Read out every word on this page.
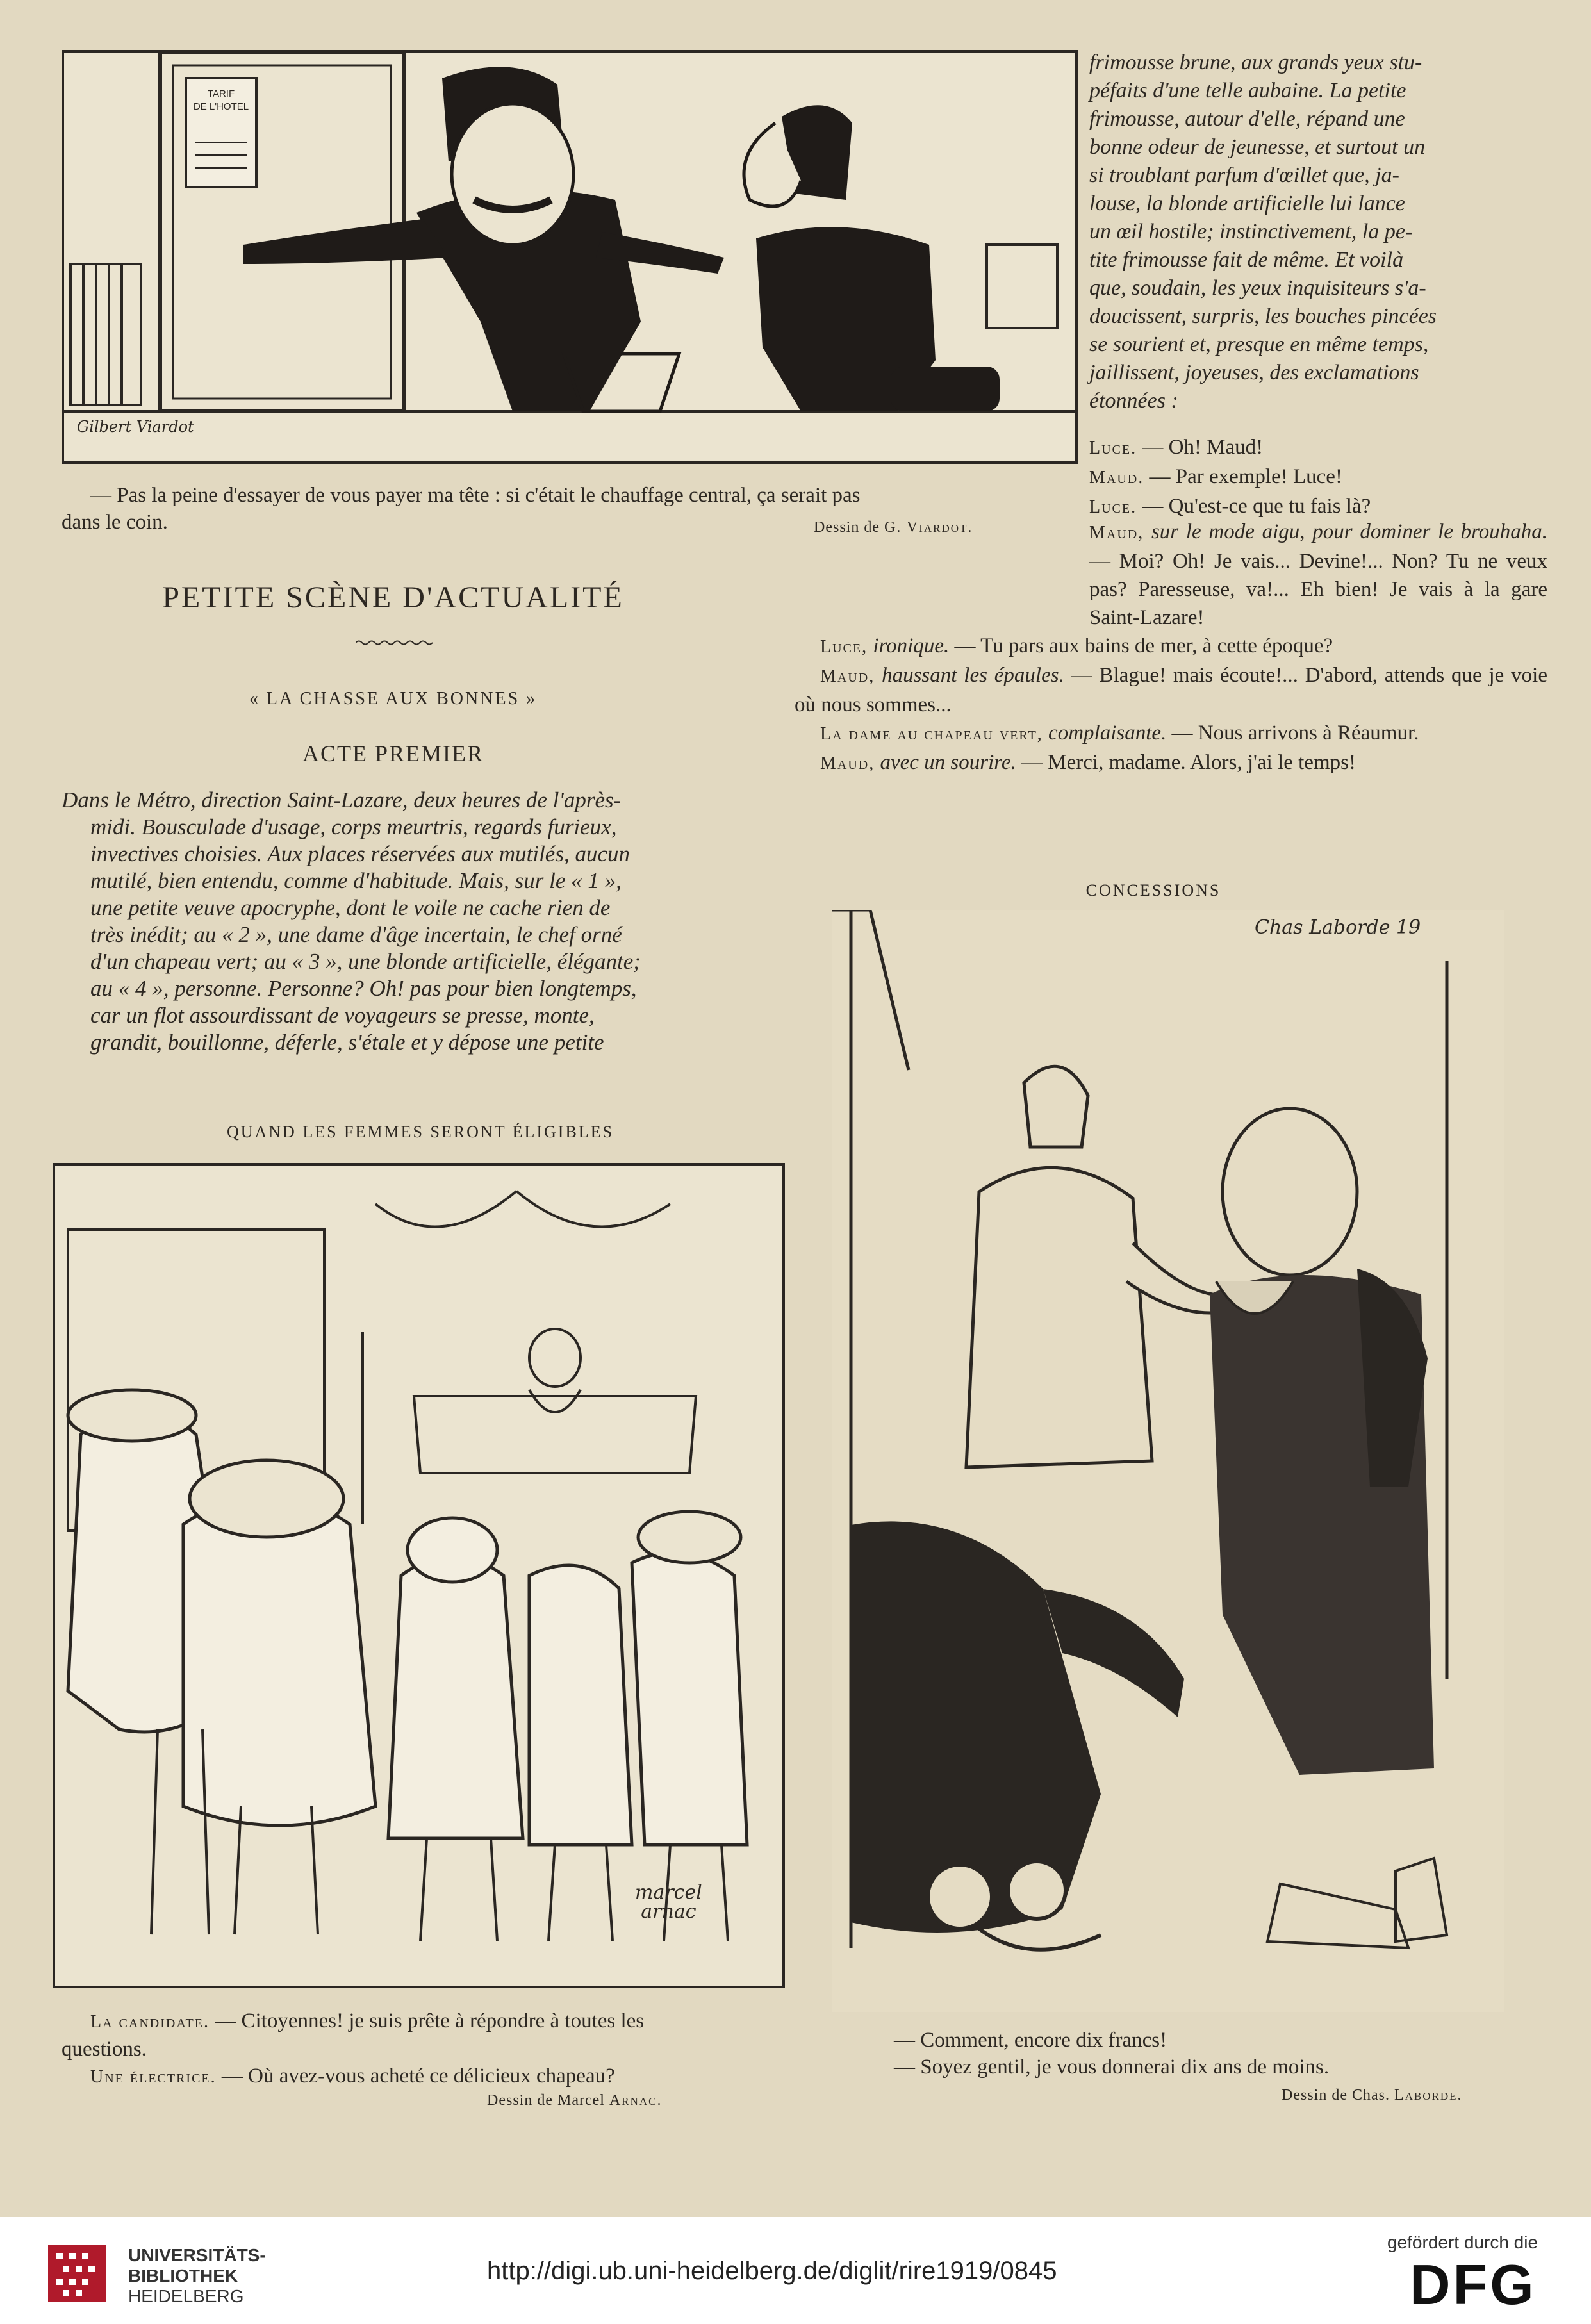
TARIF
DE L'HOTEL
Gilbert Viardot
— Pas la peine d'essayer de vous payer ma tête : si c'était le chauffage central, ça serait pas
dans le coin.	Dessin de G. Viardot.
PETITE SCÈNE D'ACTUALITÉ
« LA CHASSE AUX BONNES »
ACTE PREMIER
Dans le Métro, direction Saint-Lazare, deux heures de l'après-
midi. Bousculade d'usage, corps meurtris, regards furieux,
invectives choisies. Aux places réservées aux mutilés, aucun
mutilé, bien entendu, comme d'habitude. Mais, sur le « 1 »,
une petite veuve apocryphe, dont le voile ne cache rien de
très inédit; au « 2 », une dame d'âge incertain, le chef orné
d'un chapeau vert; au « 3 », une blonde artificielle, élégante;
au « 4 », personne. Personne? Oh! pas pour bien longtemps,
car un flot assourdissant de voyageurs se presse, monte,
grandit, bouillonne, déferle, s'étale et y dépose une petite
frimousse brune, aux grands yeux stu-
péfaits d'une telle aubaine. La petite
frimousse, autour d'elle, répand une
bonne odeur de jeunesse, et surtout un
si troublant parfum d'œillet que, ja-
louse, la blonde artificielle lui lance
un œil hostile; instinctivement, la pe-
tite frimousse fait de même. Et voilà
que, soudain, les yeux inquisiteurs s'a-
doucissent, surpris, les bouches pincées
se sourient et, presque en même temps,
jaillissent, joyeuses, des exclamations
étonnées :

Luce. — Oh! Maud!

Maud. — Par exemple! Luce!

Luce. — Qu'est-ce que tu fais là?

Maud, sur le mode aigu, pour dominer le brouhaha. — Moi? Oh! Je vais... Devine!... Non? Tu ne veux pas? Paresseuse, va!... Eh bien! Je vais à la gare Saint-Lazare!

Luce, ironique. — Tu pars aux bains de mer, à cette époque?

Maud, haussant les épaules. — Blague! mais écoute!... D'abord, attends que je voie où nous sommes...

La dame au chapeau vert, complaisante. — Nous arrivons à Réaumur.

Maud, avec un sourire. — Merci, madame. Alors, j'ai le temps!

QUAND LES FEMMES SERONT ÉLIGIBLES
marcel
arnac
La candidate. — Citoyennes! je suis prête à répondre à toutes les
questions.
Une électrice. — Où avez-vous acheté ce délicieux chapeau?
Dessin de Marcel Arnac.
CONCESSIONS
Chas Laborde 19
— Comment, encore dix francs!
— Soyez gentil, je vous donnerai dix ans de moins.
Dessin de Chas. Laborde.
UNIVERSITÄTS-
BIBLIOTHEK
HEIDELBERG
http://digi.ub.uni-heidelberg.de/diglit/rire1919/0845
gefördert durch die
DFG
